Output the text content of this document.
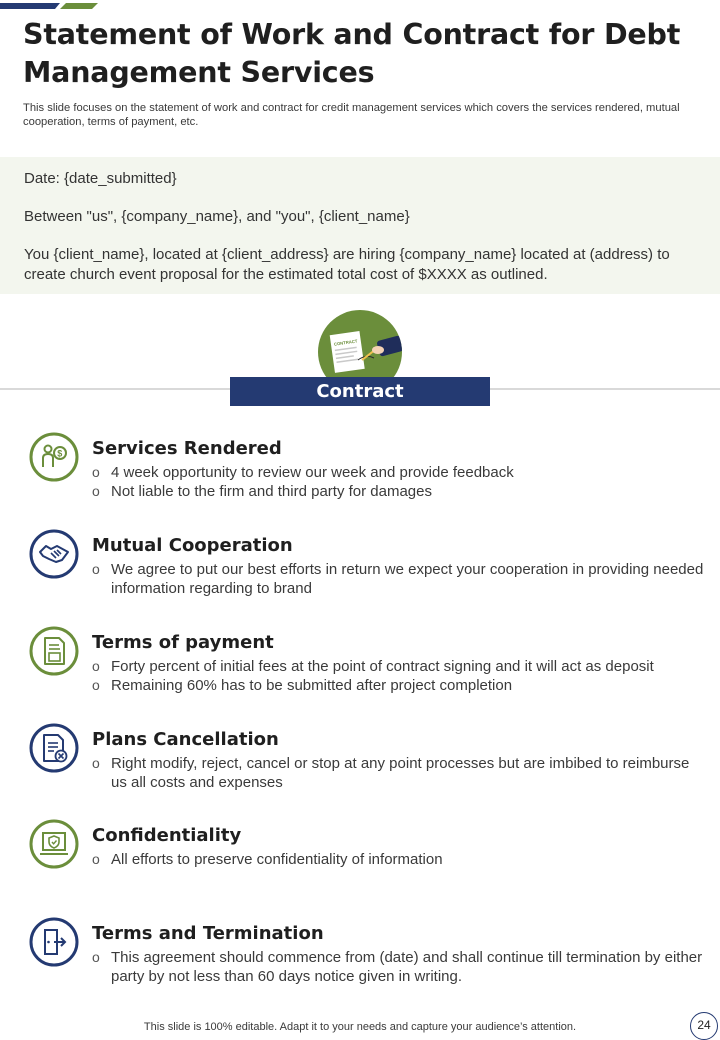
Statement of Work and Contract for Debt Management Services

This slide focuses on the statement of work and contract for credit management services which covers the services rendered, mutual cooperation, terms of payment, etc.

Date: {date_submitted}
Between "us", {company_name}, and "you", {client_name}
You {client_name}, located at {client_address} are hiring {company_name} located at (address) to create church event proposal for the estimated total cost of $XXXX as outlined.
CONTRACT
Contract
$ Services Rendered
o 4 week opportunity to review our week and provide feedback
o Not liable to the firm and third party for damages
Mutual Cooperation
o We agree to put our best efforts in return we expect your cooperation in providing needed information regarding to brand
Terms of payment
o Forty percent of initial fees at the point of contract signing and it will act as deposit
o Remaining 60% has to be submitted after project completion
Plans Cancellation
o Right modify, reject, cancel or stop at any point processes but are imbibed to reimburse us all costs and expenses
Confidentiality
o All efforts to preserve confidentiality of information
Terms and Termination
o This agreement should commence from (date) and shall continue till termination by either party by not less than 60 days notice given in writing.
This slide is 100% editable. Adapt it to your needs and capture your audience’s attention.	24
